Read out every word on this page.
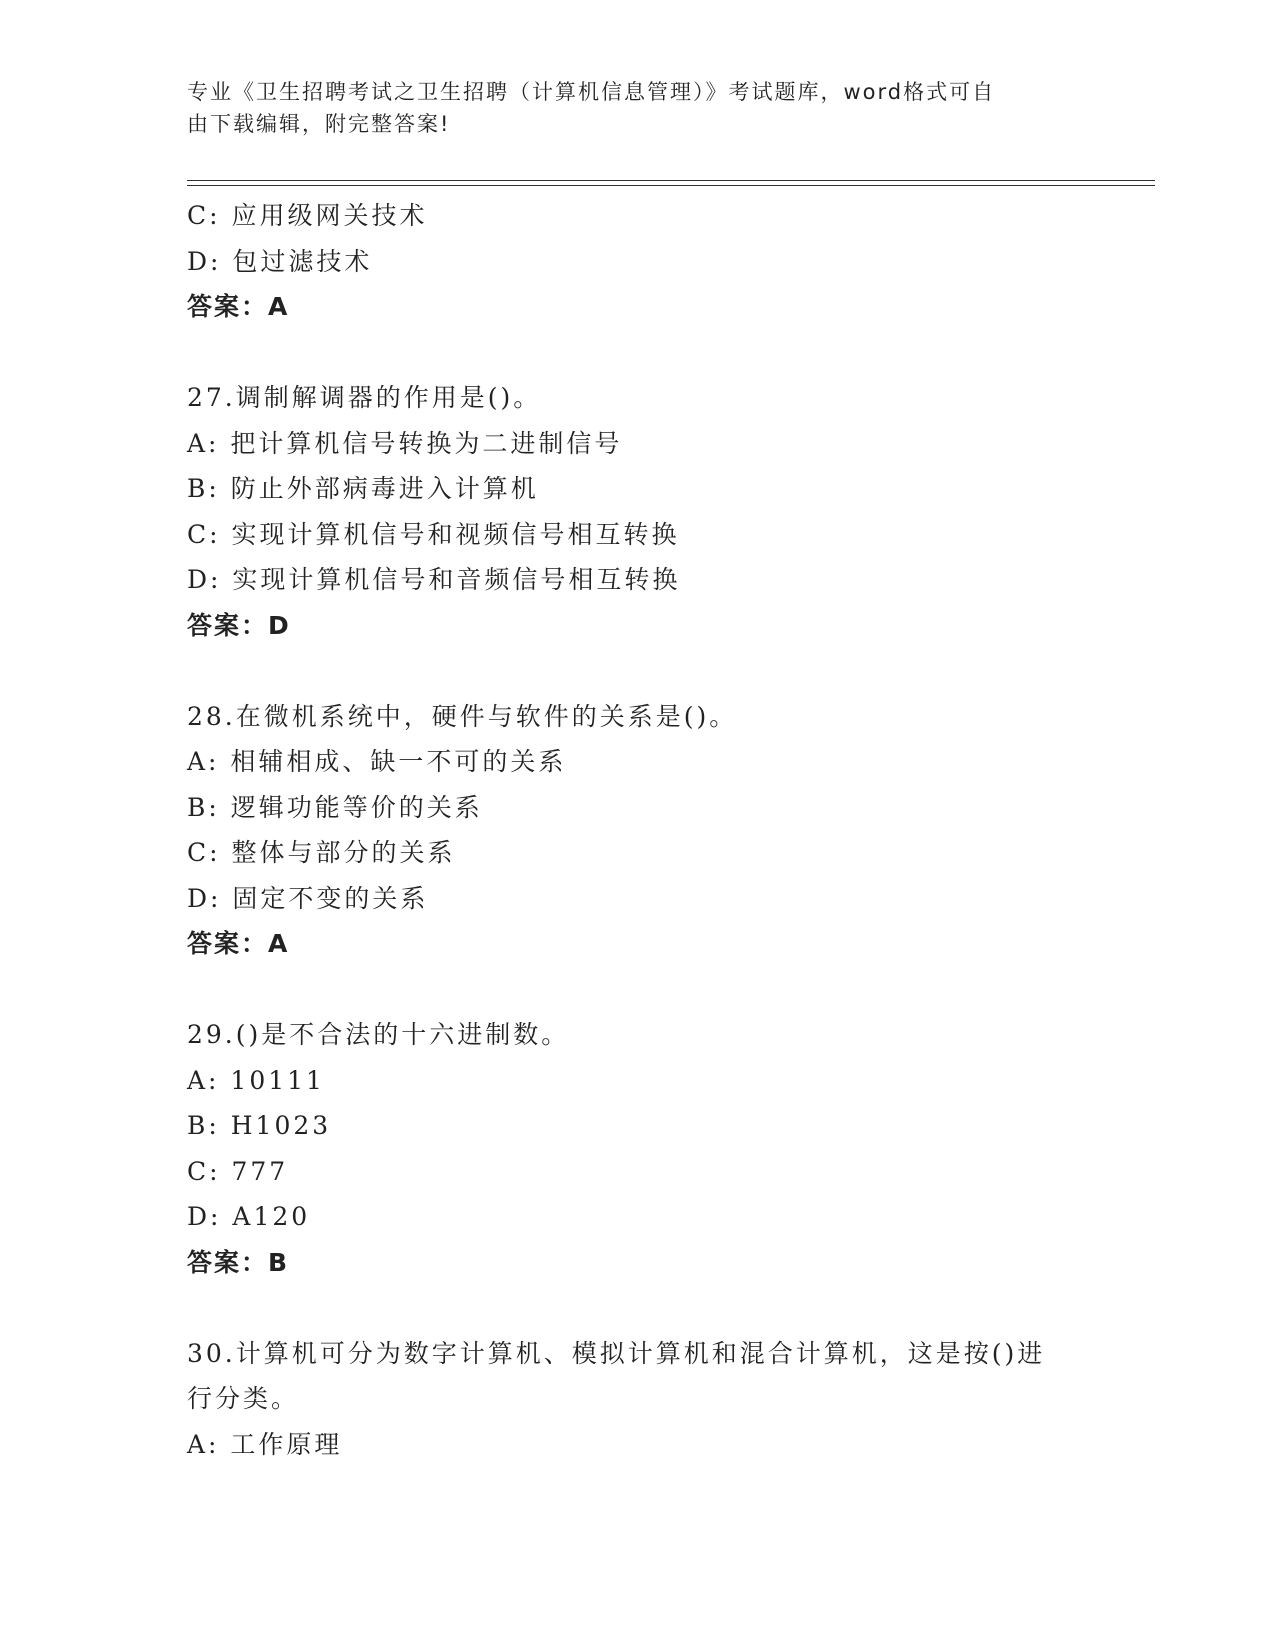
专业《卫生招聘考试之卫生招聘（计算机信息管理）》考试题库，word格式可自
由下载编辑，附完整答案!
C: 应用级网关技术
D: 包过滤技术
答案：A
27.调制解调器的作用是()。
A: 把计算机信号转换为二进制信号
B: 防止外部病毒进入计算机
C: 实现计算机信号和视频信号相互转换
D: 实现计算机信号和音频信号相互转换
答案：D
28.在微机系统中，硬件与软件的关系是()。
A: 相辅相成、缺一不可的关系
B: 逻辑功能等价的关系
C: 整体与部分的关系
D: 固定不变的关系
答案：A
29.()是不合法的十六进制数。
A: 10111
B: H1023
C: 777
D: A120
答案：B
30.计算机可分为数字计算机、模拟计算机和混合计算机，这是按()进
行分类。
A: 工作原理
